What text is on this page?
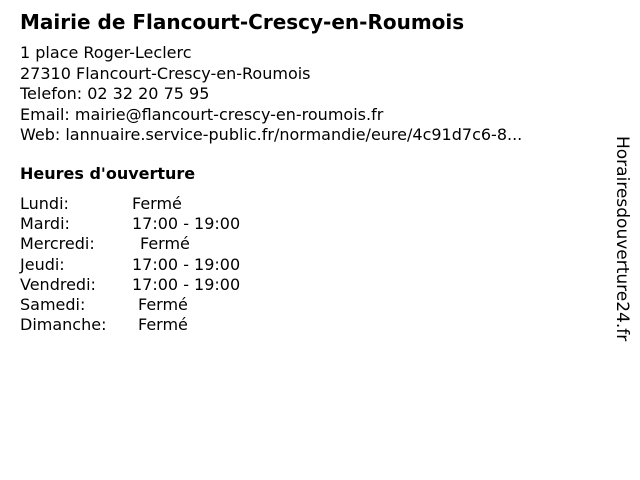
Mairie de Flancourt-Crescy-en-Roumois
1 place Roger-Leclerc
27310 Flancourt-Crescy-en-Roumois
Telefon: 02 32 20 75 95
Email: mairie@flancourt-crescy-en-roumois.fr
Web: lannuaire.service-public.fr/normandie/eure/4c91d7c6-8...
Heures d'ouverture
Lundi:	Fermé
Mardi:	17:00 - 19:00
Mercredi:	Fermé
Jeudi:	17:00 - 19:00
Vendredi: 17:00 - 19:00
Samedi:	Fermé
Dimanche: Fermé	Horairesdouverture24.fr
